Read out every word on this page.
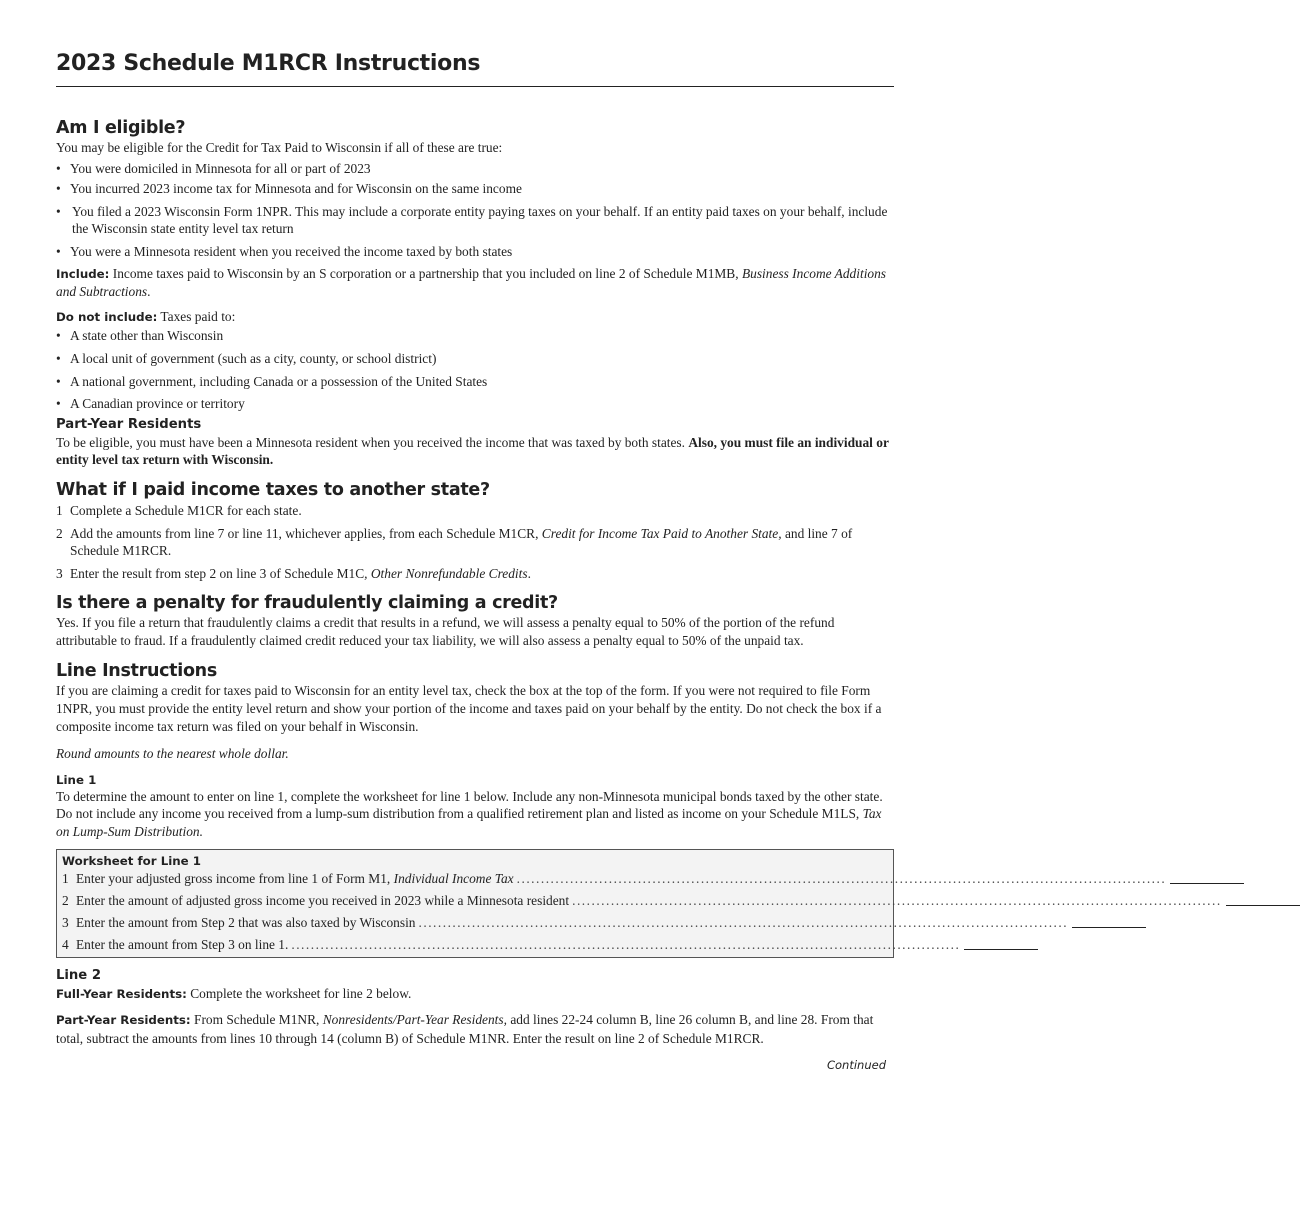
2023 Schedule M1RCR Instructions
Am I eligible?

You may be eligible for the Credit for Tax Paid to Wisconsin if all of these are true:

• You were domiciled in Minnesota for all or part of 2023
• You incurred 2023 income tax for Minnesota and for Wisconsin on the same income
• You filed a 2023 Wisconsin Form 1NPR. This may include a corporate entity paying taxes on your behalf. If an entity paid taxes on your behalf, include the Wisconsin state entity level tax return
• You were a Minnesota resident when you received the income taxed by both states

Include: Income taxes paid to Wisconsin by an S corporation or a partnership that you included on line 2 of Schedule M1MB, Business Income Additions and Subtractions.

Do not include: Taxes paid to:

• A state other than Wisconsin
• A local unit of government (such as a city, county, or school district)
• A national government, including Canada or a possession of the United States
• A Canadian province or territory
Part-Year Residents

To be eligible, you must have been a Minnesota resident when you received the income that was taxed by both states. Also, you must file an individual or entity level tax return with Wisconsin.

What if I paid income taxes to another state?
1 Complete a Schedule M1CR for each state.
2 Add the amounts from line 7 or line 11, whichever applies, from each Schedule M1CR, Credit for Income Tax Paid to Another State, and line 7 of Schedule M1RCR.
3 Enter the result from step 2 on line 3 of Schedule M1C, Other Nonrefundable Credits.
Is there a penalty for fraudulently claiming a credit?

Yes. If you file a return that fraudulently claims a credit that results in a refund, we will assess a penalty equal to 50% of the portion of the refund attributable to fraud. If a fraudulently claimed credit reduced your tax liability, we will also assess a penalty equal to 50% of the unpaid tax.

Line Instructions

If you are claiming a credit for taxes paid to Wisconsin for an entity level tax, check the box at the top of the form. If you were not required to file Form 1NPR, you must provide the entity level return and show your portion of the income and taxes paid on your behalf by the entity. Do not check the box if a composite income tax return was filed on your behalf in Wisconsin.

Round amounts to the nearest whole dollar.

Line 1

To determine the amount to enter on line 1, complete the worksheet for line 1 below. Include any non-Minnesota municipal bonds taxed by the other state. Do not include any income you received from a lump-sum distribution from a qualified retirement plan and listed as income on your Schedule M1LS, Tax on Lump-Sum Distribution.

Worksheet for Line 1
1 Enter your adjusted gross income from line 1 of Form M1, Individual Income Tax ......................................................................................................................................
2 Enter the amount of adjusted gross income you received in 2023 while a Minnesota resident ......................................................................................................................................
3 Enter the amount from Step 2 that was also taxed by Wisconsin ......................................................................................................................................
4 Enter the amount from Step 3 on line 1. ..........................................................................................................................................
Line 2

Full-Year Residents: Complete the worksheet for line 2 below.

Part-Year Residents: From Schedule M1NR, Nonresidents/Part-Year Residents, add lines 22-24 column B, line 26 column B, and line 28. From that total, subtract the amounts from lines 10 through 14 (column B) of Schedule M1NR. Enter the result on line 2 of Schedule M1RCR.

Continued
